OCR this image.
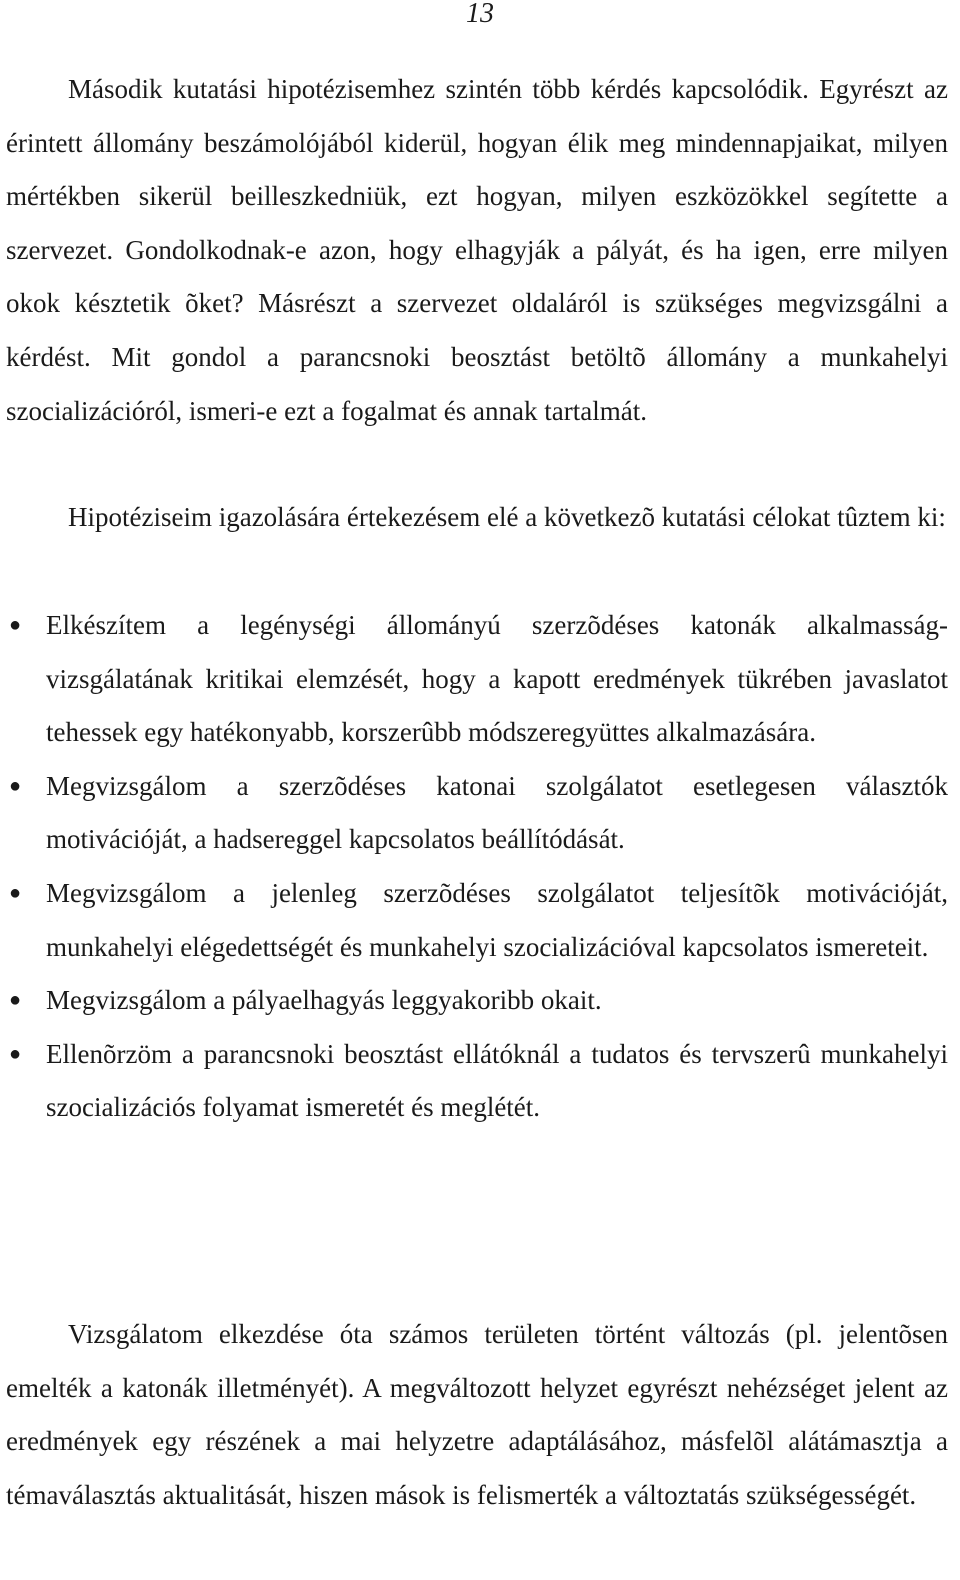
13

Második kutatási hipotézisemhez szintén több kérdés kapcsolódik. Egyrészt az érintett állomány beszámolójából kiderül, hogyan élik meg mindennapjaikat, milyen mértékben sikerül beilleszkedniük, ezt hogyan, milyen eszközökkel segítette a szervezet. Gondolkodnak-e azon, hogy elhagyják a pályát, és ha igen, erre milyen okok késztetik õket? Másrészt a szervezet oldaláról is szükséges megvizsgálni a kérdést. Mit gondol a parancsnoki beosztást betöltõ állomány a munkahelyi szocializációról, ismeri-e ezt a fogalmat és annak tartalmát.

Hipotéziseim igazolására értekezésem elé a következõ kutatási célokat tûztem ki:

● Elkészítem a legénységi állományú szerzõdéses katonák alkalmasság-vizsgálatának kritikai elemzését, hogy a kapott eredmények tükrében javaslatot tehessek egy hatékonyabb, korszerûbb módszeregyüttes alkalmazására.
● Megvizsgálom a szerzõdéses katonai szolgálatot esetlegesen választók motivációját, a hadsereggel kapcsolatos beállítódását.
● Megvizsgálom a jelenleg szerzõdéses szolgálatot teljesítõk motivációját, munkahelyi elégedettségét és munkahelyi szocializációval kapcsolatos ismereteit.
● Megvizsgálom a pályaelhagyás leggyakoribb okait.
● Ellenõrzöm a parancsnoki beosztást ellátóknál a tudatos és tervszerû munkahelyi szocializációs folyamat ismeretét és meglétét.

Vizsgálatom elkezdése óta számos területen történt változás (pl. jelentõsen emelték a katonák illetményét). A megváltozott helyzet egyrészt nehézséget jelent az eredmények egy részének a mai helyzetre adaptálásához, másfelõl alátámasztja a témaválasztás aktualitását, hiszen mások is felismerték a változtatás szükségességét.
